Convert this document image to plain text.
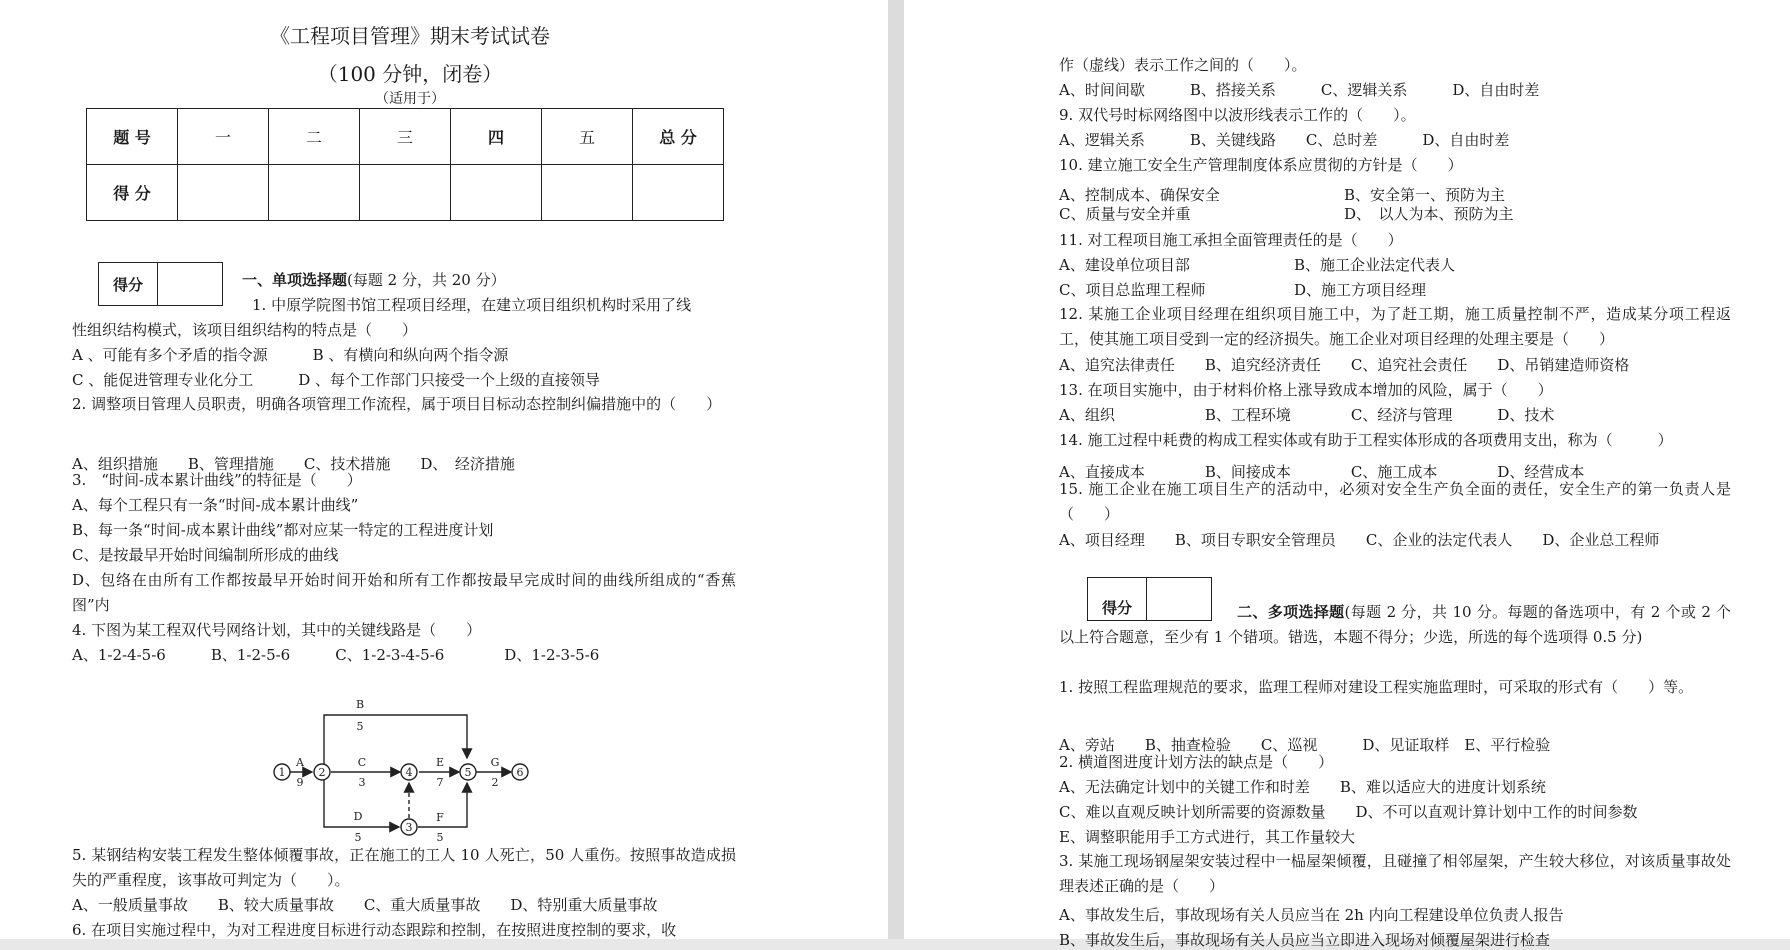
《工程项目管理》期末考试试卷
（100 分钟，闭卷）
（适用于）
题 号	一	二	三	四	五	总 分
得 分						
得分	一、单项选择题(每题 2 分，共 20 分）
1. 中原学院图书馆工程项目经理，在建立项目组织机构时采用了线
性组织结构模式，该项目组织结构的特点是（　　）
A 、可能有多个矛盾的指令源　　　B 、有横向和纵向两个指令源
C 、能促进管理专业化分工　　　D 、每个工作部门只接受一个上级的直接领导
2. 调整项目管理人员职责，明确各项管理工作流程，属于项目目标动态控制纠偏措施中的（　　）
A、组织措施　　B、管理措施　　C、技术措施　　D、　经济措施
3.　“时间-成本累计曲线”的特征是（　　）
A、每个工程只有一条“时间-成本累计曲线”
B、每一条“时间-成本累计曲线”都对应某一特定的工程进度计划
C、是按最早开始时间编制所形成的曲线
D、包络在由所有工作都按最早开始时间开始和所有工作都按最早完成时间的曲线所组成的“香蕉图”内
4. 下图为某工程双代号网络计划，其中的关键线路是（　　）
A、1-2-4-5-6　　　B、1-2-5-6　　　C、1-2-3-4-5-6　　　　D、1-2-3-5-6
1	2
3
4	5	6
A
9
B
5
C
3
D
5
E
7
F
5
G
2
5. 某钢结构安装工程发生整体倾覆事故，正在施工的工人 10 人死亡，50 人重伤。按照事故造成损失的严重程度，该事故可判定为（　　）。
A、一般质量事故　　B、较大质量事故　　C、重大质量事故　　D、特别重大质量事故
6. 在项目实施过程中，为对工程进度目标进行动态跟踪和控制，在按照进度控制的要求，收
作（虚线）表示工作之间的（　　）。
A、时间间歇　　　B、搭接关系　　　C、逻辑关系　　　D、自由时差
9. 双代号时标网络图中以波形线表示工作的（　　）。
A、逻辑关系　　　B、关键线路　　C、总时差　　　D、自由时差
10. 建立施工安全生产管理制度体系应贯彻的方针是（　　）
A、控制成本、确保安全	B、安全第一、预防为主
C、质量与安全并重	D、　以人为本、预防为主
11. 对工程项目施工承担全面管理责任的是（　　）
A、建设单位项目部	B、施工企业法定代表人
C、项目总监理工程师	D、施工方项目经理
12. 某施工企业项目经理在组织项目施工中，为了赶工期，施工质量控制不严，造成某分项工程返工，使其施工项目受到一定的经济损失。施工企业对项目经理的处理主要是（　　）
A、追究法律责任　　B、追究经济责任　　C、追究社会责任　　D、吊销建造师资格
13. 在项目实施中，由于材料价格上涨导致成本增加的风险，属于（　　）
A、组织　　　　　　B、工程环境　　　　C、经济与管理　　　D、技术
14. 施工过程中耗费的构成工程实体或有助于工程实体形成的各项费用支出，称为（　　　）
A、直接成本　　　　B、间接成本　　　　C、施工成本　　　　D、经营成本
15. 施工企业在施工项目生产的活动中，必须对安全生产负全面的责任，安全生产的第一负责人是（　　）
A、项目经理　　B、项目专职安全管理员　　C、企业的法定代表人　　D、企业总工程师
得分	二、多项选择题(每题 2 分，共 10 分。每题的备选项中，有 2 个或 2 个以上符合题意，至少有 1 个错项。错选，本题不得分；少选，所选的每个选项得 0.5 分)
1. 按照工程监理规范的要求，监理工程师对建设工程实施监理时，可采取的形式有（　　）等。
A、旁站　　B、抽查检验　　C、巡视　　　D、见证取样　E、平行检验
2. 横道图进度计划方法的缺点是（　　）
A、无法确定计划中的关键工作和时差　　B、难以适应大的进度计划系统
C、难以直观反映计划所需要的资源数量　　D、不可以直观计算计划中工作的时间参数
E、调整职能用手工方式进行，其工作量较大
3. 某施工现场钢屋架安装过程中一榀屋架倾覆，且碰撞了相邻屋架，产生较大移位，对该质量事故处理表述正确的是（　　）
A、事故发生后，事故现场有关人员应当在 2h 内向工程建设单位负责人报告
B、事故发生后，事故现场有关人员应当立即进入现场对倾覆屋架进行检查
